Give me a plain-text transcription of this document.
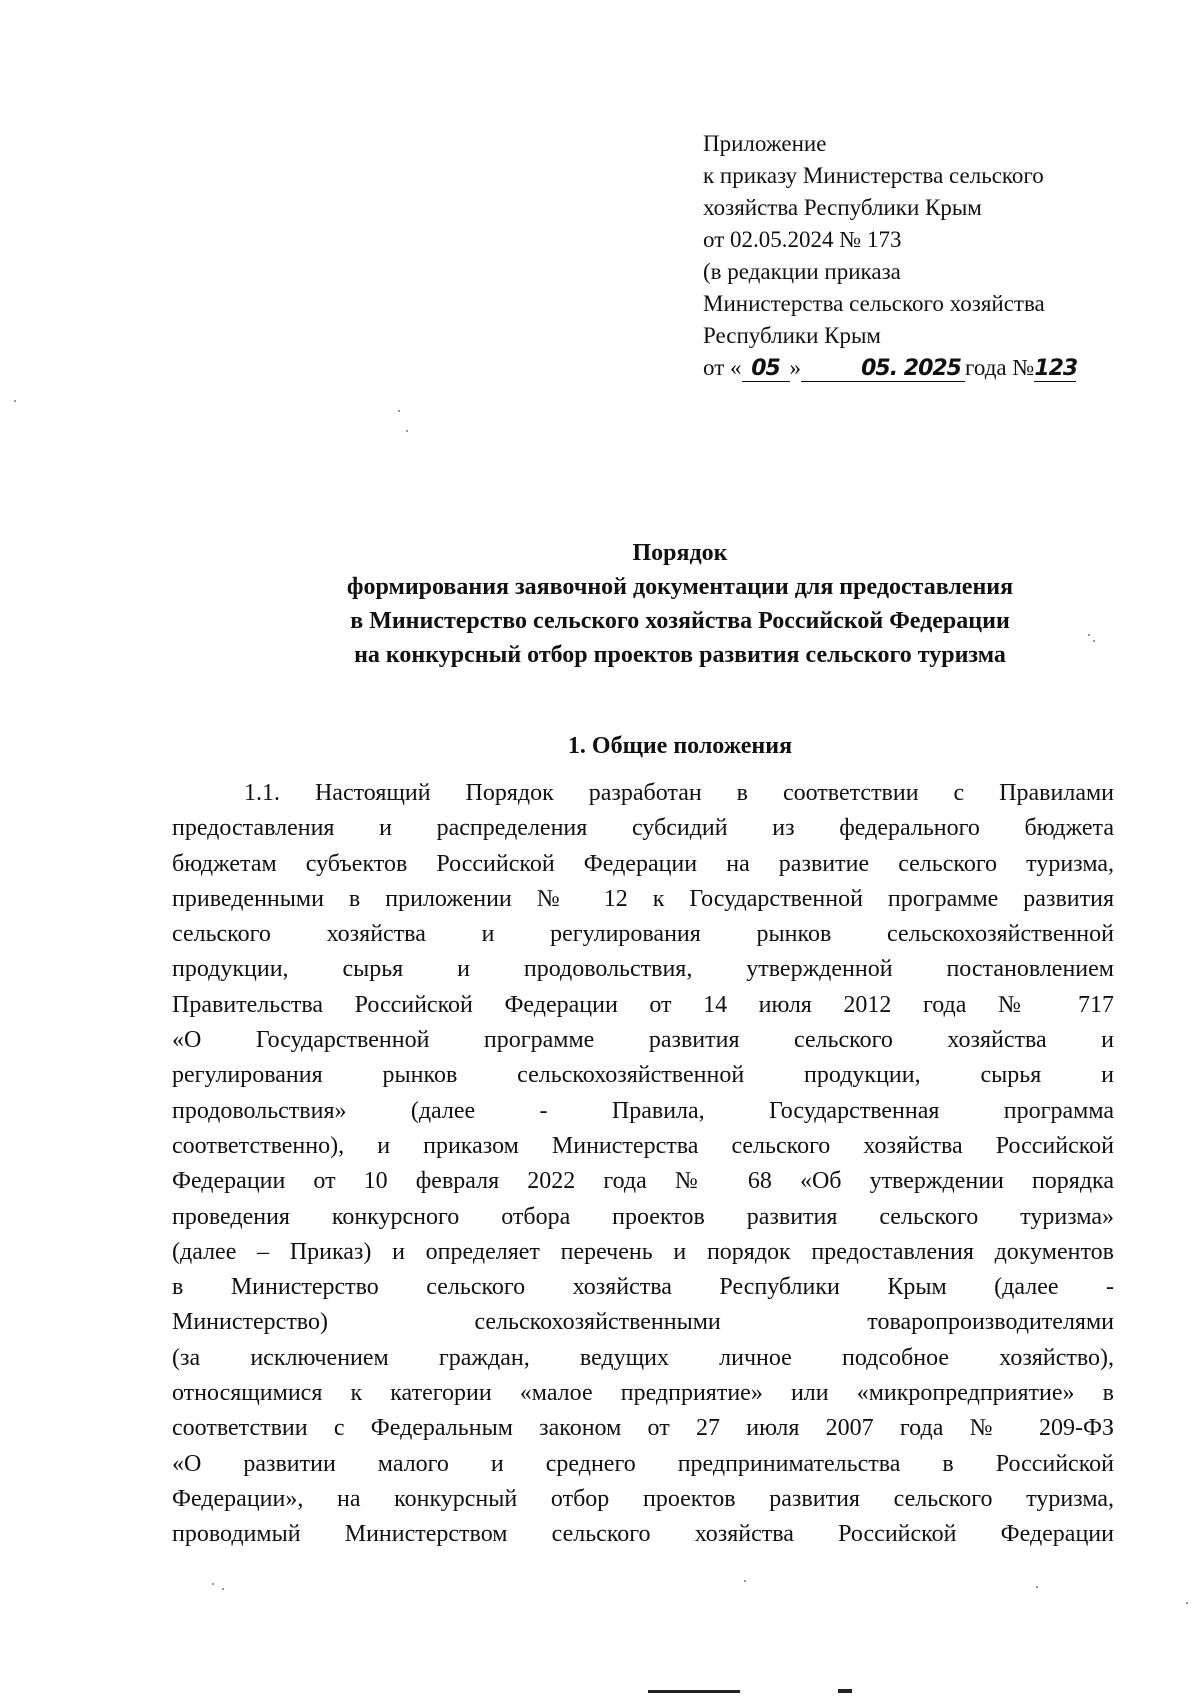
Приложение
к приказу Министерства сельского
хозяйства Республики Крым
от 02.05.2024 № 173
(в редакции приказа
Министерства сельского хозяйства
Республики Крым
от « 05 »	05. 2025 года №123
Порядок
формирования заявочной документации для предоставления
в Министерство сельского хозяйства Российской Федерации
на конкурсный отбор проектов развития сельского туризма
1. Общие положения
1.1. Настоящий Порядок разработан в соответствии с Правилами
предоставления и распределения субсидий из федерального бюджета
бюджетам субъектов Российской Федерации на развитие сельского туризма,
приведенными в приложении № 12 к Государственной программе развития
сельского хозяйства и регулирования рынков сельскохозяйственной
продукции, сырья и продовольствия, утвержденной постановлением
Правительства Российской Федерации от 14 июля 2012 года № 717
«О Государственной программе развития сельского хозяйства и
регулирования рынков сельскохозяйственной продукции, сырья и
продовольствия» (далее - Правила, Государственная программа
соответственно), и приказом Министерства сельского хозяйства Российской
Федерации от 10 февраля 2022 года № 68 «Об утверждении порядка
проведения конкурсного отбора проектов развития сельского туризма»
(далее – Приказ) и определяет перечень и порядок предоставления документов
в Министерство сельского хозяйства Республики Крым (далее -
Министерство) сельскохозяйственными товаропроизводителями
(за исключением граждан, ведущих личное подсобное хозяйство),
относящимися к категории «малое предприятие» или «микропредприятие» в
соответствии с Федеральным законом от 27 июля 2007 года № 209-ФЗ
«О развитии малого и среднего предпринимательства в Российской
Федерации», на конкурсный отбор проектов развития сельского туризма,
проводимый Министерством сельского хозяйства Российской Федерации
